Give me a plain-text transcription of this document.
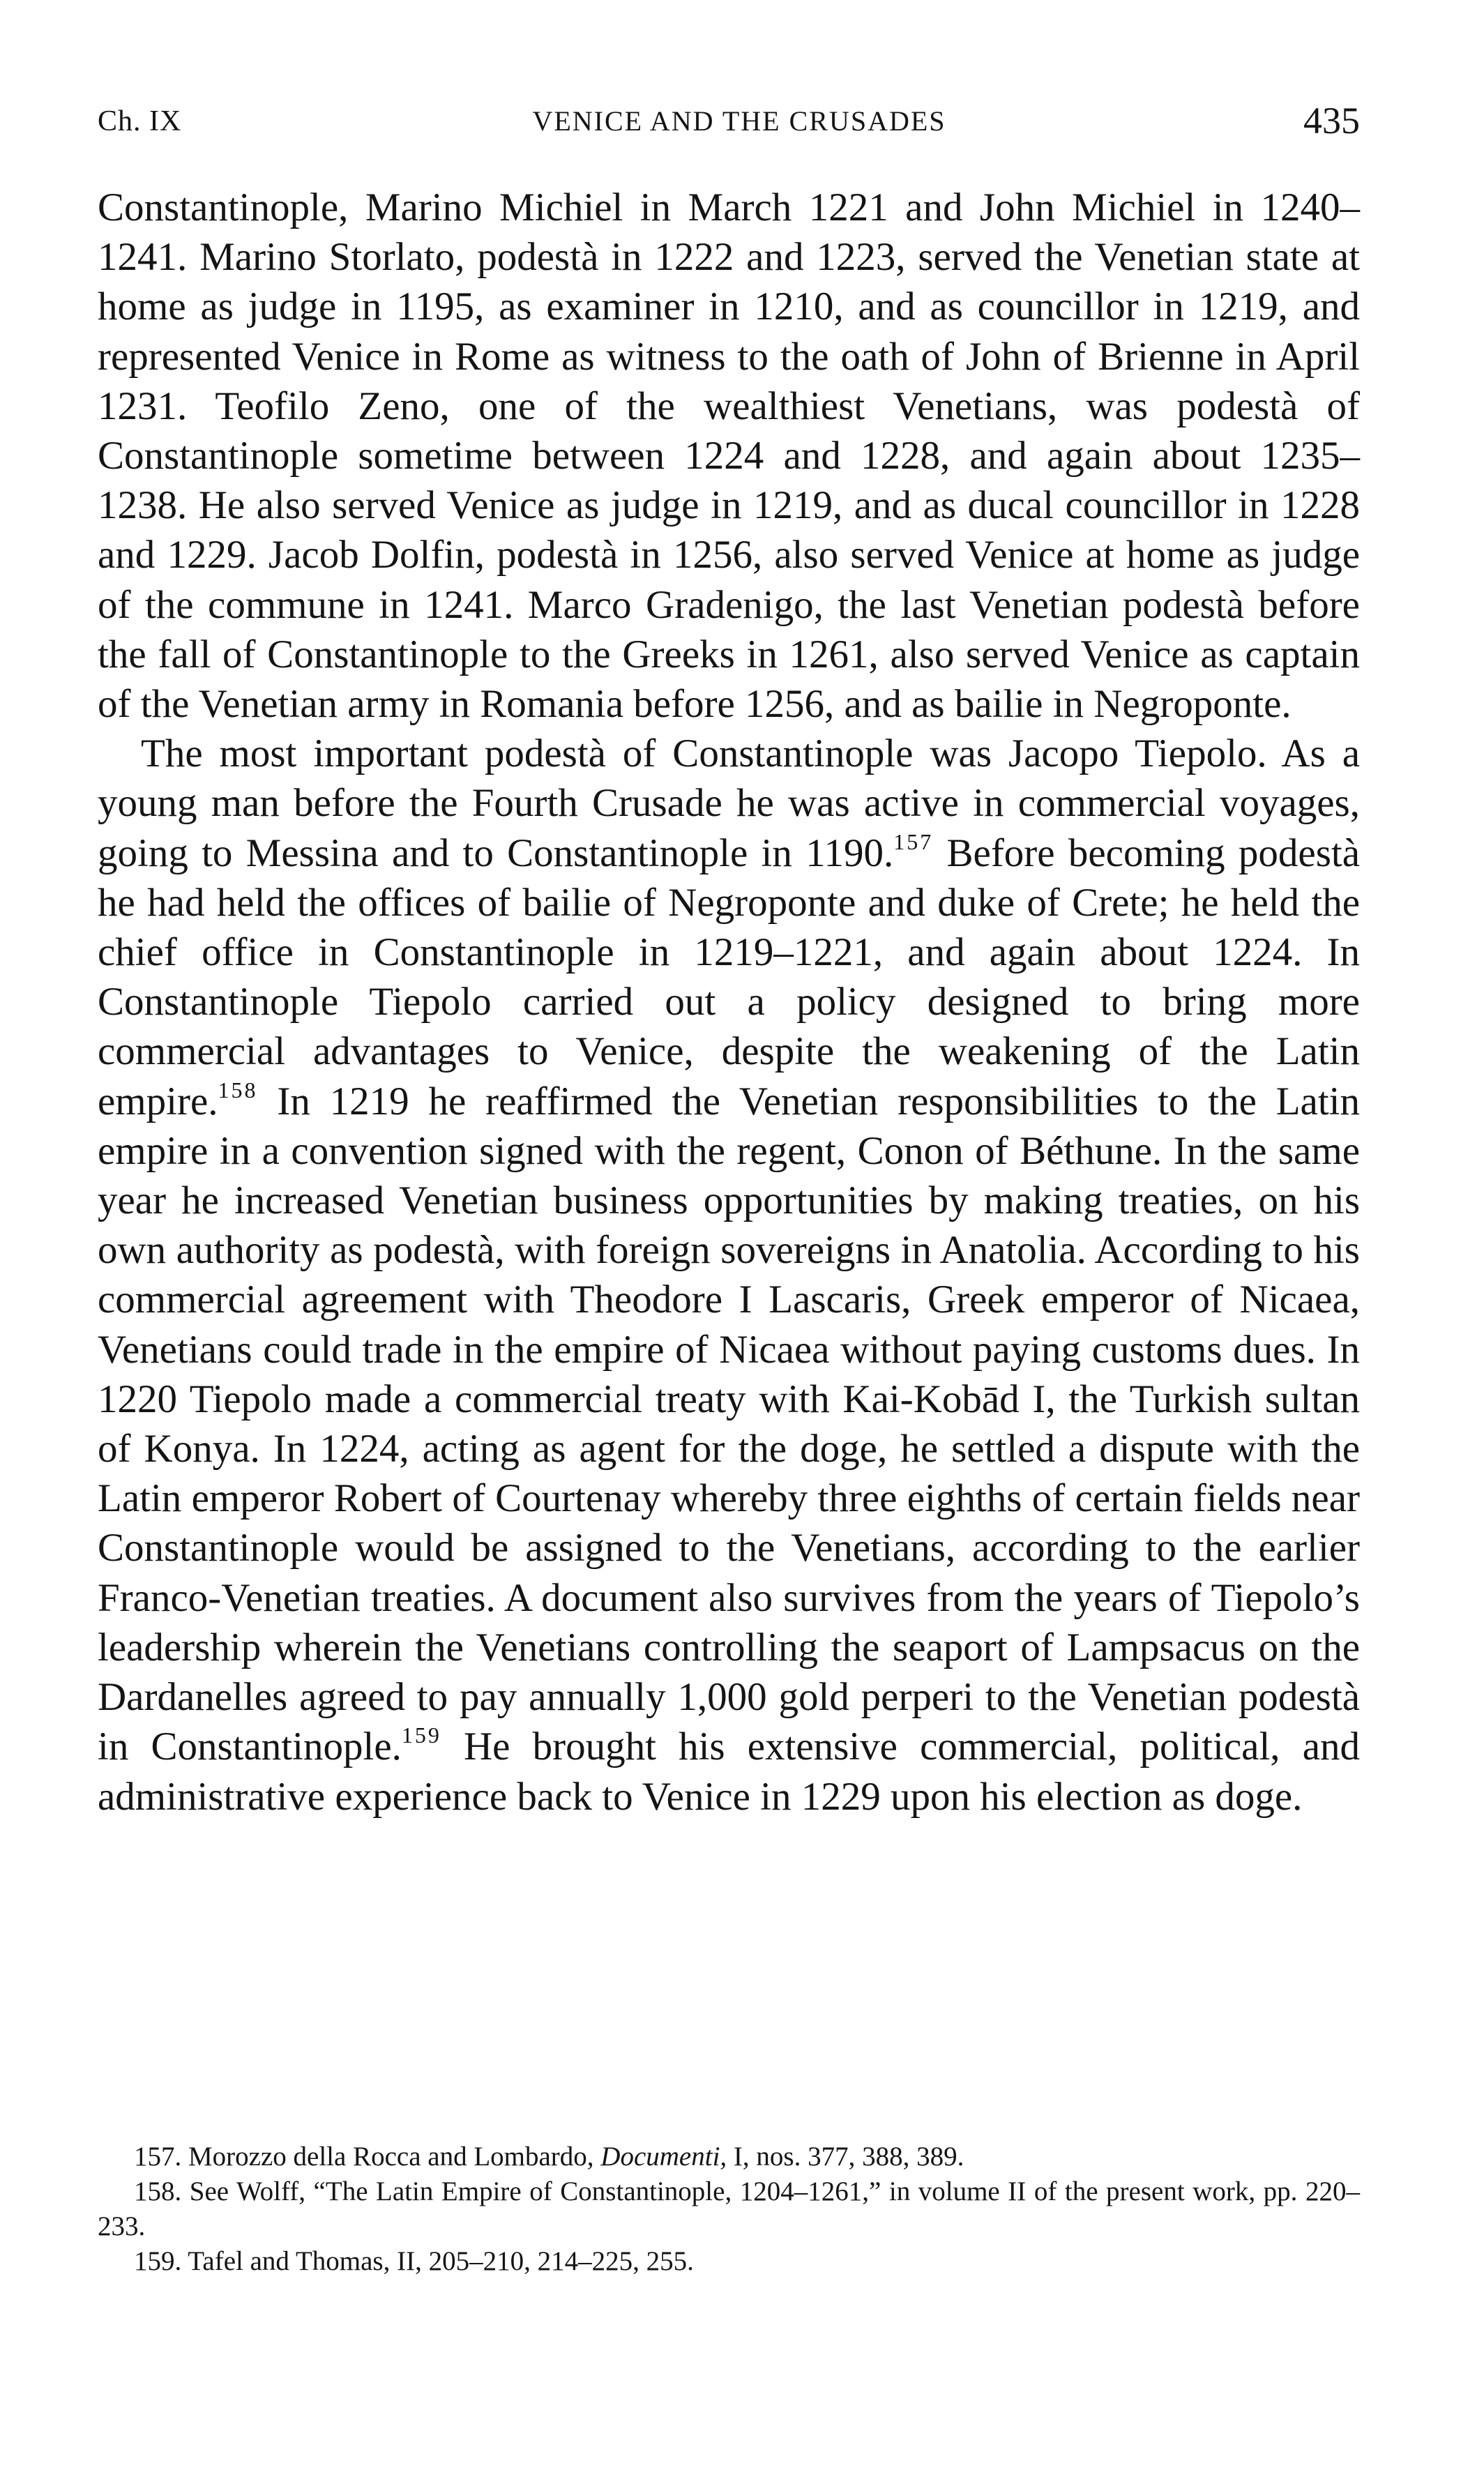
Ch. IX	VENICE AND THE CRUSADES	435

Constantinople, Marino Michiel in March 1221 and John Michiel in 1240–1241. Marino Storlato, podestà in 1222 and 1223, served the Venetian state at home as judge in 1195, as examiner in 1210, and as councillor in 1219, and represented Venice in Rome as witness to the oath of John of Brienne in April 1231. Teofilo Zeno, one of the wealthiest Venetians, was podestà of Constantinople sometime between 1224 and 1228, and again about 1235–1238. He also served Venice as judge in 1219, and as ducal councillor in 1228 and 1229. Jacob Dolfin, podestà in 1256, also served Venice at home as judge of the commune in 1241. Marco Gradenigo, the last Venetian podestà before the fall of Constantinople to the Greeks in 1261, also served Venice as captain of the Venetian army in Romania before 1256, and as bailie in Negroponte.

The most important podestà of Constantinople was Jacopo Tiepolo. As a young man before the Fourth Crusade he was active in commercial voyages, going to Messina and to Constantinople in 1190.$^{157}$ Before becoming podestà he had held the offices of bailie of Negroponte and duke of Crete; he held the chief office in Constantinople in 1219–1221, and again about 1224. In Constantinople Tiepolo carried out a policy designed to bring more commercial advantages to Venice, despite the weakening of the Latin empire.$^{158}$ In 1219 he reaffirmed the Venetian responsibilities to the Latin empire in a convention signed with the regent, Conon of Béthune. In the same year he increased Venetian business opportunities by making treaties, on his own authority as podestà, with foreign sovereigns in Anatolia. According to his commercial agreement with Theodore I Lascaris, Greek emperor of Nicaea, Venetians could trade in the empire of Nicaea without paying customs dues. In 1220 Tiepolo made a commercial treaty with Kai-Kobād I, the Turkish sultan of Konya. In 1224, acting as agent for the doge, he settled a dispute with the Latin emperor Robert of Courtenay whereby three eighths of certain fields near Constantinople would be assigned to the Venetians, according to the earlier Franco-Venetian treaties. A document also survives from the years of Tiepolo’s leadership wherein the Venetians controlling the seaport of Lampsacus on the Dardanelles agreed to pay annually 1,000 gold perperi to the Venetian podestà in Constantinople.$^{159}$ He brought his extensive commercial, political, and administrative experience back to Venice in 1229 upon his election as doge.

157. Morozzo della Rocca and Lombardo, Documenti, I, nos. 377, 388, 389.

158. See Wolff, “The Latin Empire of Constantinople, 1204–1261,” in volume II of the present work, pp. 220–233.

159. Tafel and Thomas, II, 205–210, 214–225, 255.
